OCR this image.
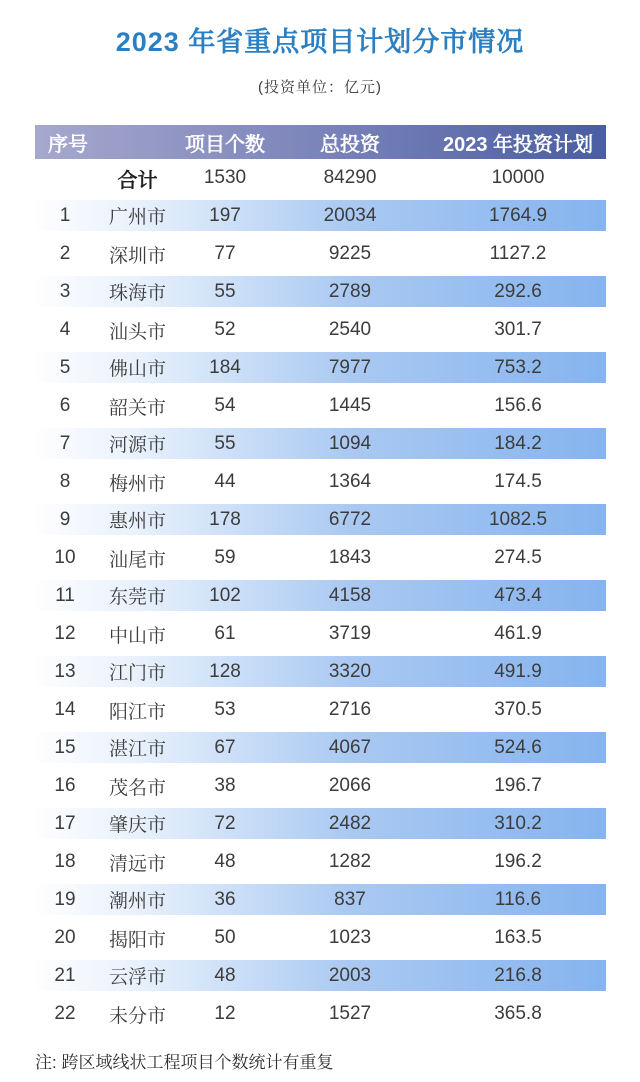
2023 年省重点项目计划分市情况
(投资单位：亿元)
序号	项目个数	总投资	2023 年投资计划
合计	1530	84290	10000
1	广州市	197	20034	1764.9
2	深圳市	77	9225	1127.2
3	珠海市	55	2789	292.6
4	汕头市	52	2540	301.7
5	佛山市	184	7977	753.2
6	韶关市	54	1445	156.6
7	河源市	55	1094	184.2
8	梅州市	44	1364	174.5
9	惠州市	178	6772	1082.5
10	汕尾市	59	1843	274.5
11	东莞市	102	4158	473.4
12	中山市	61	3719	461.9
13	江门市	128	3320	491.9
14	阳江市	53	2716	370.5
15	湛江市	67	4067	524.6
16	茂名市	38	2066	196.7
17	肇庆市	72	2482	310.2
18	清远市	48	1282	196.2
19	潮州市	36	837	116.6
20	揭阳市	50	1023	163.5
21	云浮市	48	2003	216.8
22	未分市	12	1527	365.8
注: 跨区域线状工程项目个数统计有重复
